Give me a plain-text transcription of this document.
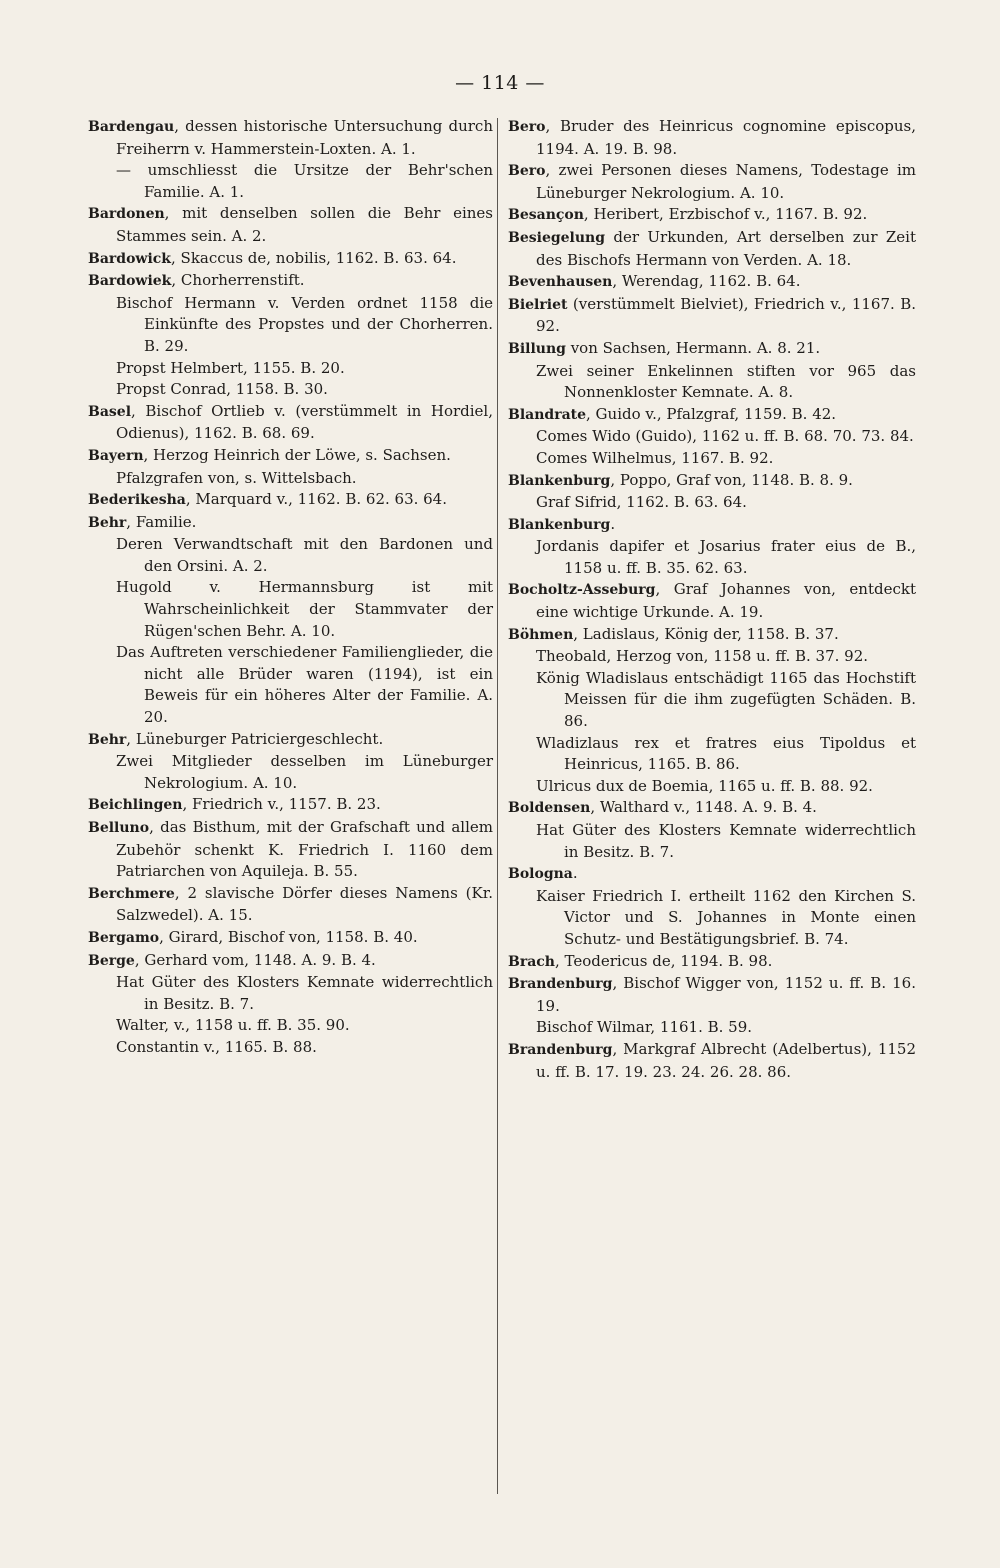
— 114 —

Bardengau, dessen historische Untersuchung durch Freiherrn v. Hammerstein-Loxten. A. 1.

— umschliesst die Ursitze der Behr'schen Familie. A. 1.

Bardonen, mit denselben sollen die Behr eines Stammes sein. A. 2.

Bardowick, Skaccus de, nobilis, 1162. B. 63. 64.

Bardowiek, Chorherrenstift.

Bischof Hermann v. Verden ordnet 1158 die Einkünfte des Propstes und der Chorherren. B. 29.

Propst Helmbert, 1155. B. 20.

Propst Conrad, 1158. B. 30.

Basel, Bischof Ortlieb v. (verstümmelt in Hordiel, Odienus), 1162. B. 68. 69.

Bayern, Herzog Heinrich der Löwe, s. Sachsen.

Pfalzgrafen von, s. Wittelsbach.

Bederikesha, Marquard v., 1162. B. 62. 63. 64.

Behr, Familie.

Deren Verwandtschaft mit den Bardonen und den Orsini. A. 2.

Hugold v. Hermannsburg ist mit Wahrscheinlichkeit der Stammvater der Rügen'schen Behr. A. 10.

Das Auftreten verschiedener Familienglieder, die nicht alle Brüder waren (1194), ist ein Beweis für ein höheres Alter der Familie. A. 20.

Behr, Lüneburger Patriciergeschlecht.

Zwei Mitglieder desselben im Lüneburger Nekrologium. A. 10.

Beichlingen, Friedrich v., 1157. B. 23.

Belluno, das Bisthum, mit der Grafschaft und allem Zubehör schenkt K. Friedrich I. 1160 dem Patriarchen von Aquileja. B. 55.

Berchmere, 2 slavische Dörfer dieses Namens (Kr. Salzwedel). A. 15.

Bergamo, Girard, Bischof von, 1158. B. 40.

Berge, Gerhard vom, 1148. A. 9. B. 4.

Hat Güter des Klosters Kemnate widerrechtlich in Besitz. B. 7.

Walter, v., 1158 u. ff. B. 35. 90.

Constantin v., 1165. B. 88.

Bero, Bruder des Heinricus cognomine episcopus, 1194. A. 19. B. 98.

Bero, zwei Personen dieses Namens, Todestage im Lüneburger Nekrologium. A. 10.

Besançon, Heribert, Erzbischof v., 1167. B. 92.

Besiegelung der Urkunden, Art derselben zur Zeit des Bischofs Hermann von Verden. A. 18.

Bevenhausen, Werendag, 1162. B. 64.

Bielriet (verstümmelt Bielviet), Friedrich v., 1167. B. 92.

Billung von Sachsen, Hermann. A. 8. 21.

Zwei seiner Enkelinnen stiften vor 965 das Nonnenkloster Kemnate. A. 8.

Blandrate, Guido v., Pfalzgraf, 1159. B. 42.

Comes Wido (Guido), 1162 u. ff. B. 68. 70. 73. 84.

Comes Wilhelmus, 1167. B. 92.

Blankenburg, Poppo, Graf von, 1148. B. 8. 9.

Graf Sifrid, 1162. B. 63. 64.

Blankenburg.

Jordanis dapifer et Josarius frater eius de B., 1158 u. ff. B. 35. 62. 63.

Bocholtz-Asseburg, Graf Johannes von, entdeckt eine wichtige Urkunde. A. 19.

Böhmen, Ladislaus, König der, 1158. B. 37.

Theobald, Herzog von, 1158 u. ff. B. 37. 92.

König Wladislaus entschädigt 1165 das Hochstift Meissen für die ihm zugefügten Schäden. B. 86.

Wladizlaus rex et fratres eius Tipoldus et Heinricus, 1165. B. 86.

Ulricus dux de Boemia, 1165 u. ff. B. 88. 92.

Boldensen, Walthard v., 1148. A. 9. B. 4.

Hat Güter des Klosters Kemnate widerrechtlich in Besitz. B. 7.

Bologna.

Kaiser Friedrich I. ertheilt 1162 den Kirchen S. Victor und S. Johannes in Monte einen Schutz- und Bestätigungsbrief. B. 74.

Brach, Teodericus de, 1194. B. 98.

Brandenburg, Bischof Wigger von, 1152 u. ff. B. 16. 19.

Bischof Wilmar, 1161. B. 59.

Brandenburg, Markgraf Albrecht (Adelbertus), 1152 u. ff. B. 17. 19. 23. 24. 26. 28. 86.
